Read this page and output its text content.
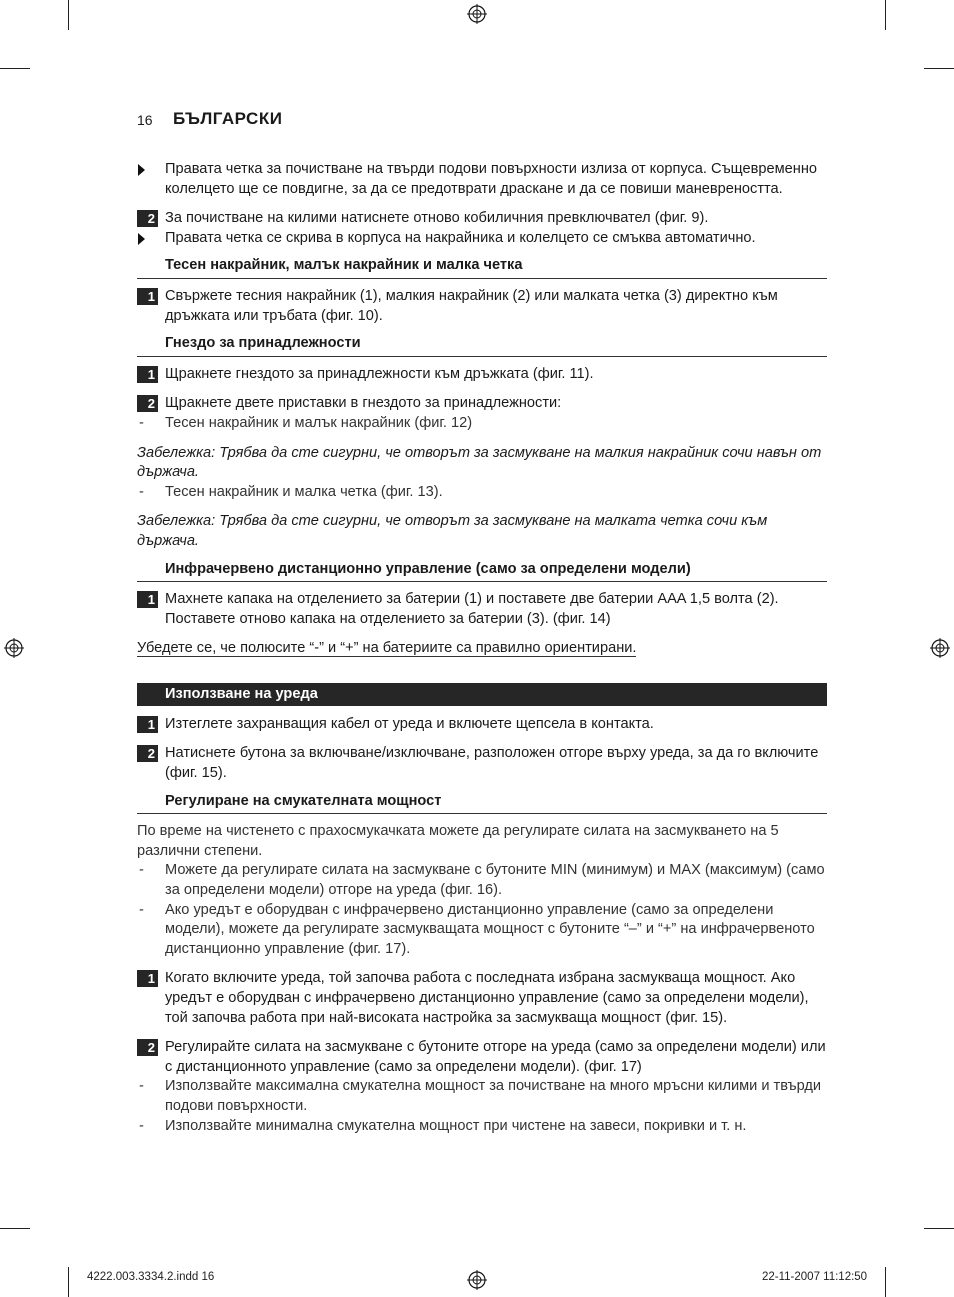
16 БЪЛГАРСКИ
Правата четка за почистване на твърди подови повърхности излиза от корпуса. Същевременно колелцето ще се повдигне, за да се предотврати драскане и да се повиши маневреността.
2 За почистване на килими натиснете отново кобиличния превключвател (фиг. 9).
Правата четка се скрива в корпуса на накрайника и колелцето се смъква автоматично.
Тесен накрайник, малък накрайник и малка четка
1 Свържете тесния накрайник (1), малкия накрайник (2) или малката четка (3) директно към дръжката или тръбата (фиг. 10).
Гнездо за принадлежности
1 Щракнете гнездото за принадлежности към дръжката (фиг. 11).
2 Щракнете двете приставки в гнездото за принадлежности:
- Тесен накрайник и малък накрайник (фиг. 12)
Забележка: Трябва да сте сигурни, че отворът за засмукване на малкия накрайник сочи навън от държача.
- Тесен накрайник и малка четка (фиг. 13).
Забележка: Трябва да сте сигурни, че отворът за засмукване на малката четка сочи към държача.
Инфрачервено дистанционно управление (само за определени модели)
1 Махнете капака на отделението за батерии (1) и поставете две батерии AAA 1,5 волта (2). Поставете отново капака на отделението за батерии (3). (фиг. 14)
Убедете се, че полюсите “-” и “+” на батериите са правилно ориентирани.
Използване на уреда
1 Изтеглете захранващия кабел от уреда и включете щепсела в контакта.
2 Натиснете бутона за включване/изключване, разположен отгоре върху уреда, за да го включите (фиг. 15).
Регулиране на смукателната мощност
По време на чистенето с прахосмукачката можете да регулирате силата на засмукването на 5 различни степени.
- Можете да регулирате силата на засмукване с бутоните MIN (минимум) и MAX (максимум) (само за определени модели) отгоре на уреда (фиг. 16).
- Ако уредът е оборудван с инфрачервено дистанционно управление (само за определени модели), можете да регулирате засмукващата мощност с бутоните “–” и “+” на инфрачервеното дистанционно управление (фиг. 17).
1 Когато включите уреда, той започва работа с последната избрана засмукваща мощност. Ако уредът е оборудван с инфрачервено дистанционно управление (само за определени модели), той започва работа при най-високата настройка за засмукваща мощност (фиг. 15).
2 Регулирайте силата на засмукване с бутоните отгоре на уреда (само за определени модели) или с дистанционното управление (само за определени модели). (фиг. 17)
- Използвайте максимална смукателна мощност за почистване на много мръсни килими и твърди подови повърхности.
- Използвайте минимална смукателна мощност при чистене на завеси, покривки и т. н.
4222.003.3334.2.indd 16	22-11-2007 11:12:50
